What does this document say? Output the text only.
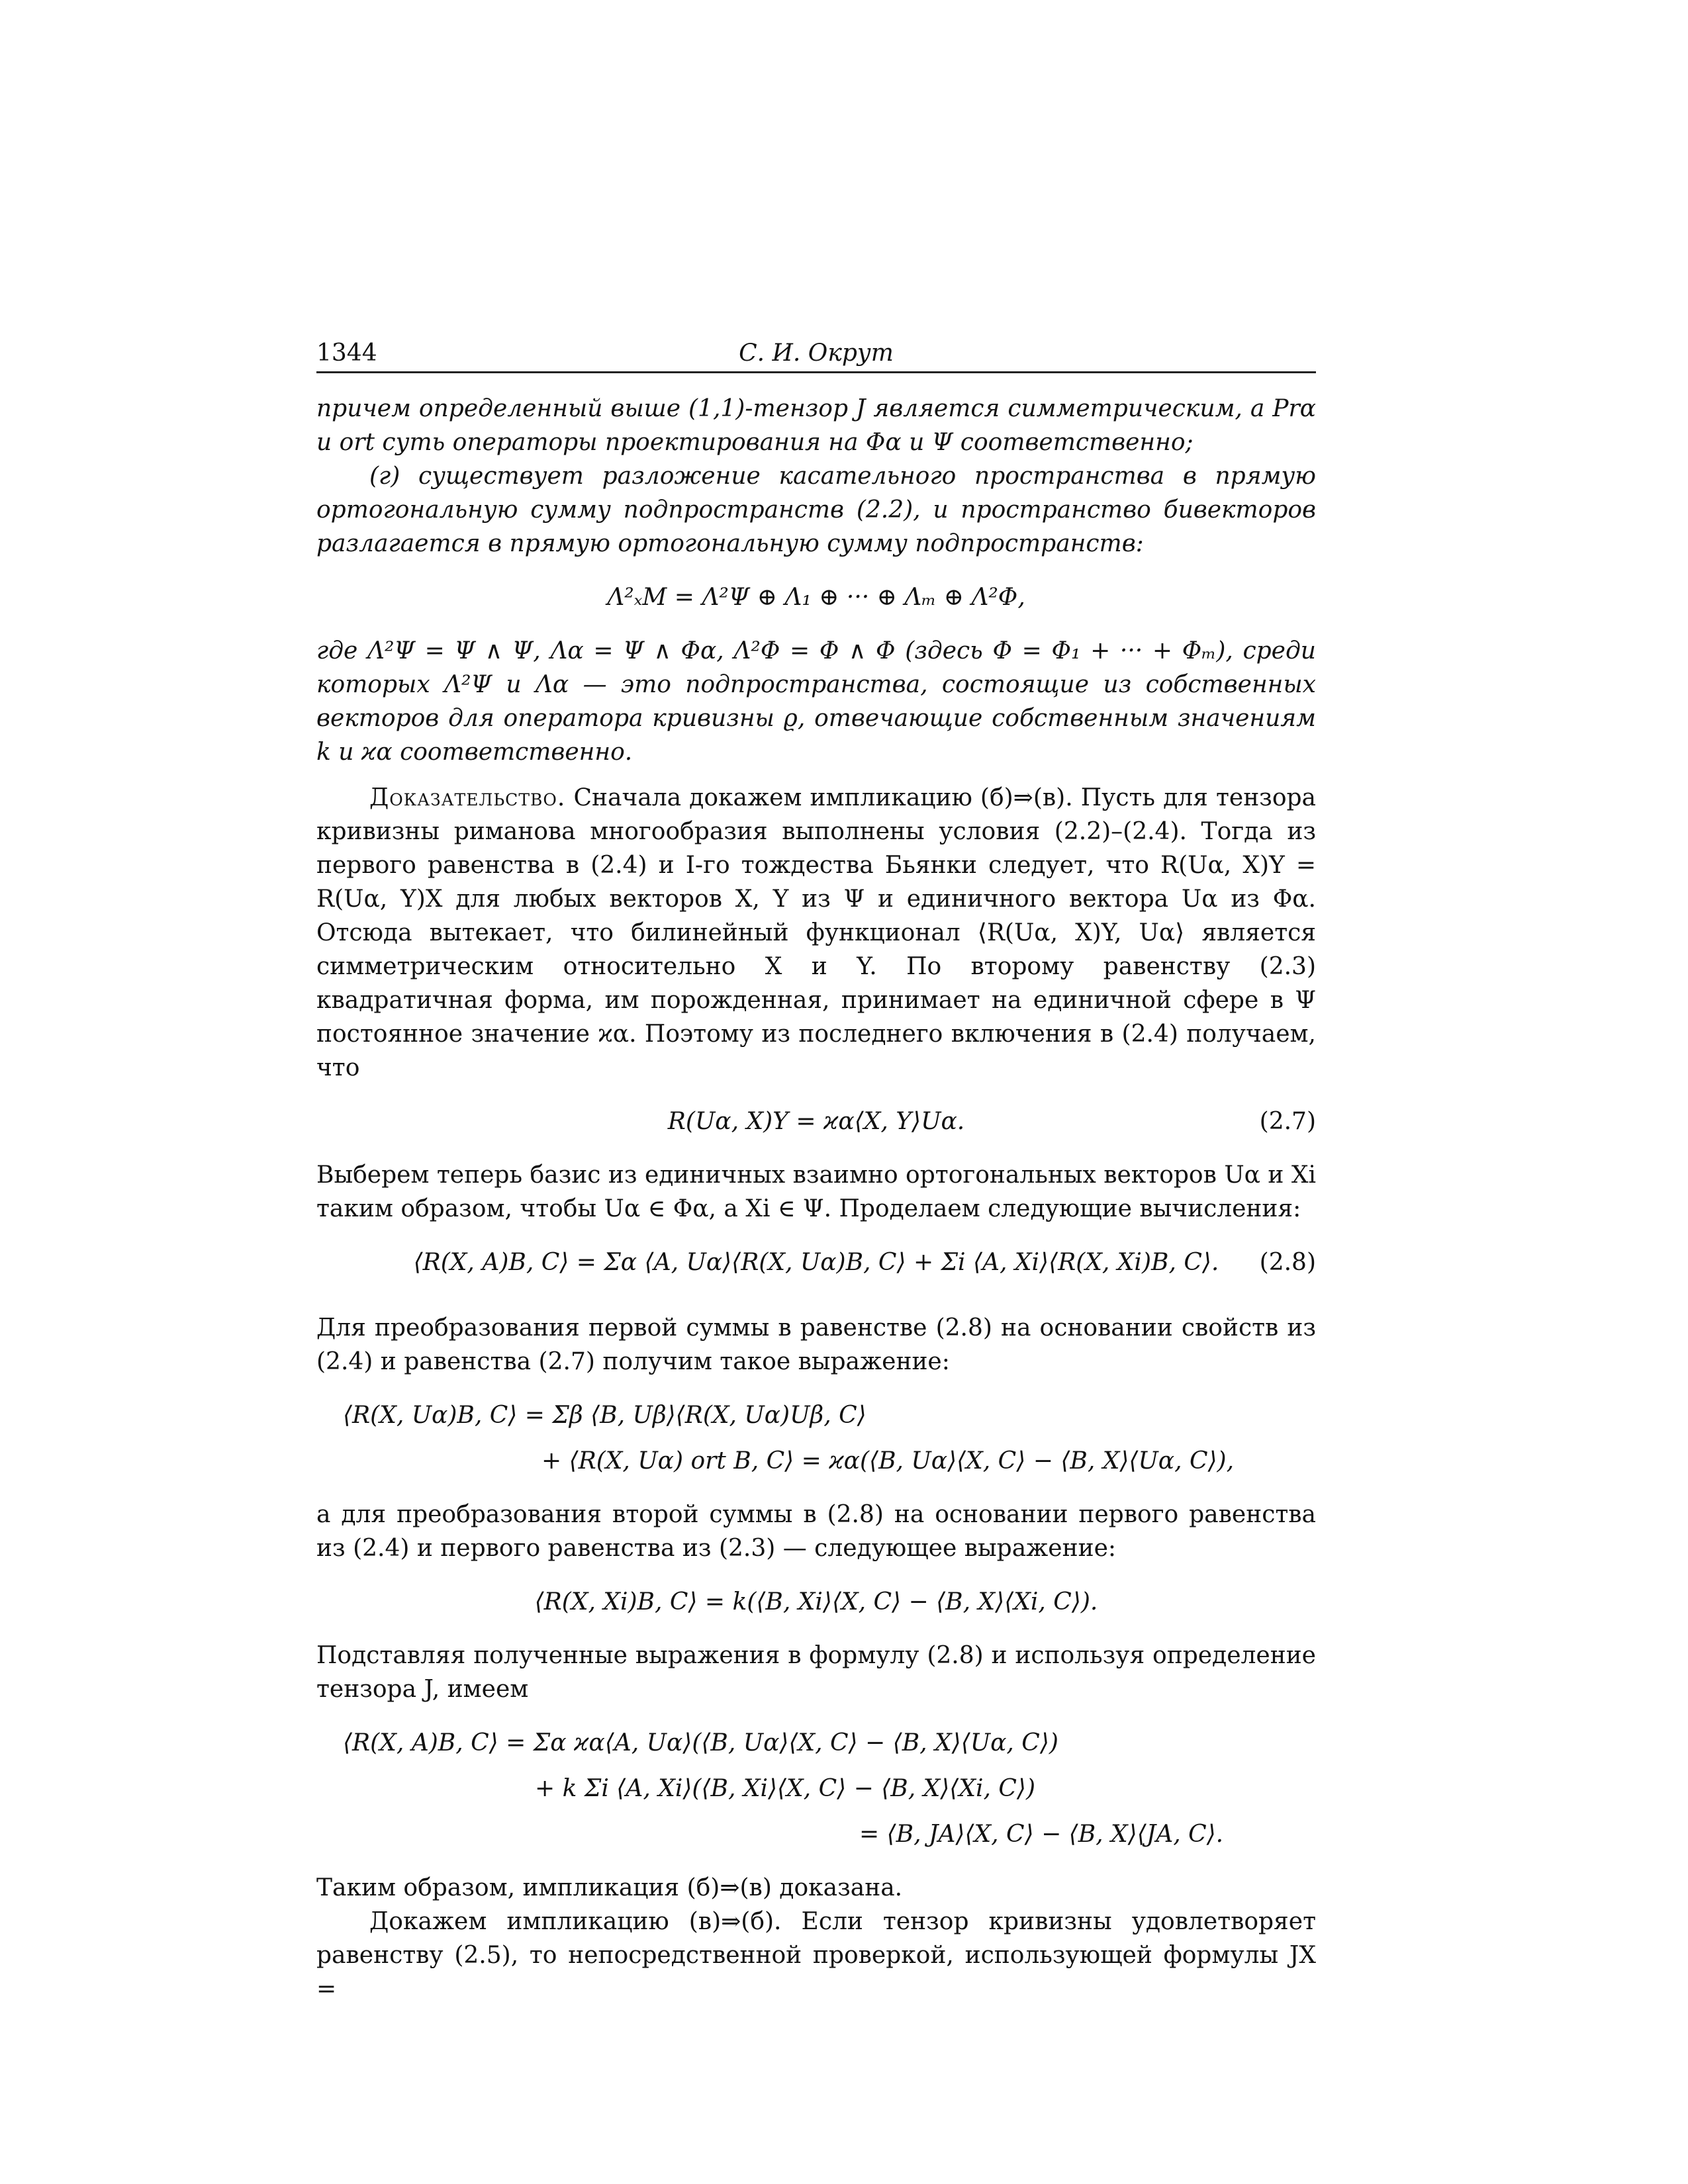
1344	С. И. Окрут

причем определенный выше (1,1)-тензор J является симметрическим, а Prα и ort суть операторы проектирования на Φα и Ψ соответственно;

(г) существует разложение касательного пространства в прямую ортогональную сумму подпространств (2.2), и пространство бивекторов разлагается в прямую ортогональную сумму подпространств:

Λ²ₓM = Λ²Ψ ⊕ Λ₁ ⊕ ··· ⊕ Λₘ ⊕ Λ²Φ,

где Λ²Ψ = Ψ ∧ Ψ, Λα = Ψ ∧ Φα, Λ²Φ = Φ ∧ Φ (здесь Φ = Φ₁ + ··· + Φₘ), среди которых Λ²Ψ и Λα — это подпространства, состоящие из собственных векторов для оператора кривизны ϱ, отвечающие собственным значениям k и ϰα соответственно.

Доказательство. Сначала докажем импликацию (б)⇒(в). Пусть для тензора кривизны риманова многообразия выполнены условия (2.2)–(2.4). Тогда из первого равенства в (2.4) и I-го тождества Бьянки следует, что R(Uα, X)Y = R(Uα, Y)X для любых векторов X, Y из Ψ и единичного вектора Uα из Φα. Отсюда вытекает, что билинейный функционал ⟨R(Uα, X)Y, Uα⟩ является симметрическим относительно X и Y. По второму равенству (2.3) квадратичная форма, им порожденная, принимает на единичной сфере в Ψ постоянное значение ϰα. Поэтому из последнего включения в (2.4) получаем, что

R(Uα, X)Y = ϰα⟨X, Y⟩Uα.	(2.7)

Выберем теперь базис из единичных взаимно ортогональных векторов Uα и Xi таким образом, чтобы Uα ∈ Φα, а Xi ∈ Ψ. Проделаем следующие вычисления:

⟨R(X, A)B, C⟩ = Σα ⟨A, Uα⟩⟨R(X, Uα)B, C⟩ + Σi ⟨A, Xi⟩⟨R(X, Xi)B, C⟩. (2.8)

Для преобразования первой суммы в равенстве (2.8) на основании свойств из (2.4) и равенства (2.7) получим такое выражение:

⟨R(X, Uα)B, C⟩ = Σβ ⟨B, Uβ⟩⟨R(X, Uα)Uβ, C⟩
+ ⟨R(X, Uα) ort B, C⟩ = ϰα(⟨B, Uα⟩⟨X, C⟩ − ⟨B, X⟩⟨Uα, C⟩),

а для преобразования второй суммы в (2.8) на основании первого равенства из (2.4) и первого равенства из (2.3) — следующее выражение:

⟨R(X, Xi)B, C⟩ = k(⟨B, Xi⟩⟨X, C⟩ − ⟨B, X⟩⟨Xi, C⟩).

Подставляя полученные выражения в формулу (2.8) и используя определение тензора J, имеем

⟨R(X, A)B, C⟩ = Σα ϰα⟨A, Uα⟩(⟨B, Uα⟩⟨X, C⟩ − ⟨B, X⟩⟨Uα, C⟩)
+ k Σi ⟨A, Xi⟩(⟨B, Xi⟩⟨X, C⟩ − ⟨B, X⟩⟨Xi, C⟩)
= ⟨B, JA⟩⟨X, C⟩ − ⟨B, X⟩⟨JA, C⟩.

Таким образом, импликация (б)⇒(в) доказана.

Докажем импликацию (в)⇒(б). Если тензор кривизны удовлетворяет равенству (2.5), то непосредственной проверкой, использующей формулы JX =
